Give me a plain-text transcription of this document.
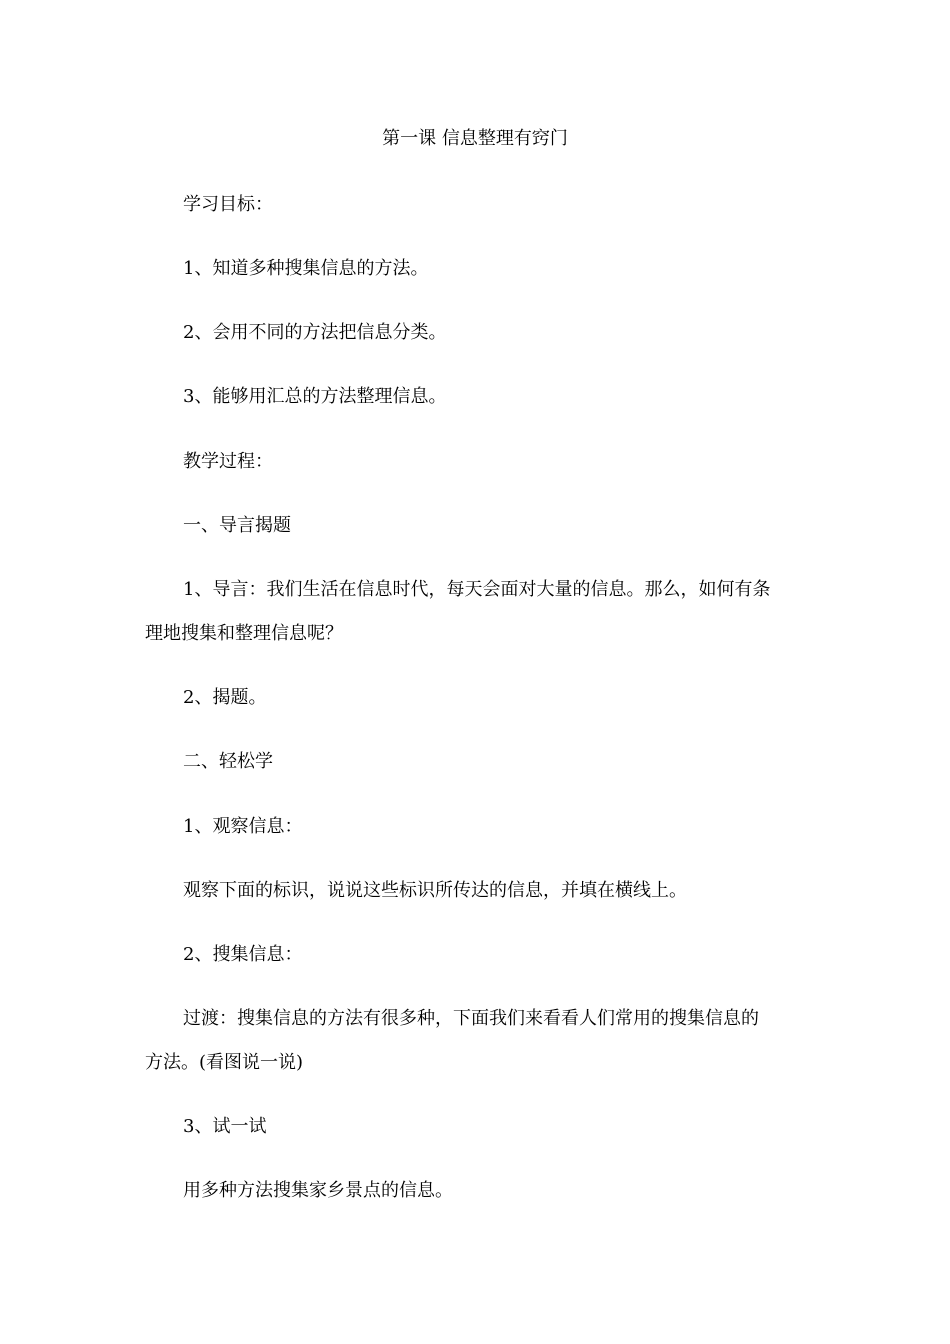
第一课 信息整理有窍门
学习目标：
1、知道多种搜集信息的方法。
2、会用不同的方法把信息分类。
3、能够用汇总的方法整理信息。
教学过程：
一、导言揭题
1、导言：我们生活在信息时代，每天会面对大量的信息。那么，如何有条
理地搜集和整理信息呢？
2、揭题。
二、轻松学
1、观察信息：
观察下面的标识，说说这些标识所传达的信息，并填在横线上。
2、搜集信息：
过渡：搜集信息的方法有很多种，下面我们来看看人们常用的搜集信息的
方法。(看图说一说)
3、试一试
用多种方法搜集家乡景点的信息。
